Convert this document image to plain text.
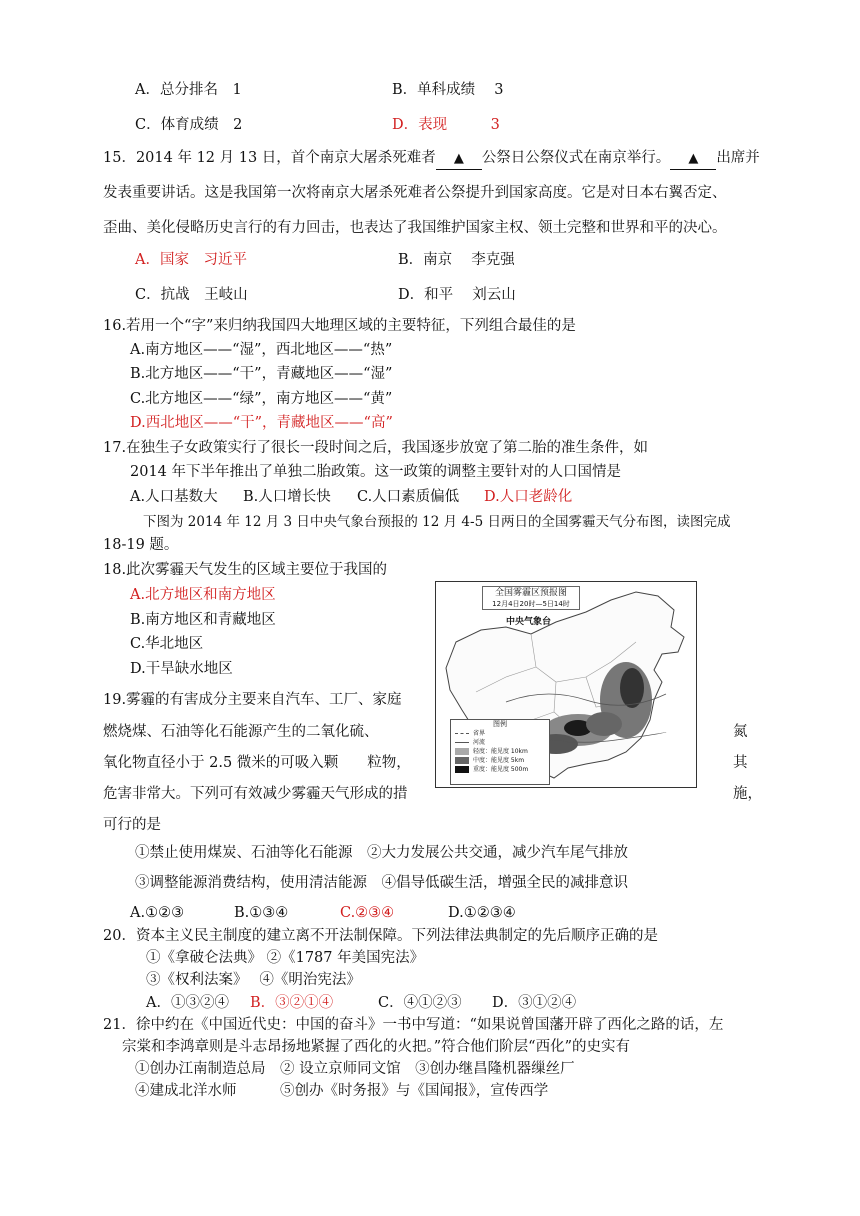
A．总分排名　1	B．单科成绩　 3
C．体育成绩　2	D．表现　　　3
15．2014 年 12 月 13 日，首个南京大屠杀死难者 ▲ 公祭日公祭仪式在南京举行。 ▲ 出席并
发表重要讲话。这是我国第一次将南京大屠杀死难者公祭提升到国家高度。它是对日本右翼否定、
歪曲、美化侵略历史言行的有力回击，也表达了我国维护国家主权、领土完整和世界和平的决心。
A．国家　习近平	B．南京　 李克强
C．抗战　王岐山	D．和平　 刘云山
16.若用一个“字”来归纳我国四大地理区域的主要特征，下列组合最佳的是
A.南方地区——“湿”，西北地区——“热”
B.北方地区——“干”，青藏地区——“湿”
C.北方地区——“绿”，南方地区——“黄”
D.西北地区——“干”，青藏地区——“高”
17.在独生子女政策实行了很长一段时间之后，我国逐步放宽了第二胎的准生条件，如
2014 年下半年推出了单独二胎政策。这一政策的调整主要针对的人口国情是
A.人口基数大 B.人口增长快 C.人口素质偏低 D.人口老龄化
下图为 2014 年 12 月 3 日中央气象台预报的 12 月 4-5 日两日的全国雾霾天气分布图，读图完成
18-19 题。
18.此次雾霾天气发生的区域主要位于我国的
A.北方地区和南方地区
B.南方地区和青藏地区
C.华北地区
D.干旱缺水地区
全国雾霾区预报图
12月4日20时—5日14时
中央气象台
图例
省界
河流
轻度：能见度 10km
中度：能见度 5km
重度：能见度 500m
19.雾霾的有害成分主要来自汽车、工厂、家庭
燃烧煤、石油等化石能源产生的二氧化硫、	氮
氧化物直径小于 2.5 微米的可吸入颗　　粒物，	其
危害非常大。下列可有效减少雾霾天气形成的措	施，
可行的是
①禁止使用煤炭、石油等化石能源　②大力发展公共交通，减少汽车尾气排放
③调整能源消费结构，使用清洁能源　④倡导低碳生活，增强全民的减排意识
A.①②③	B.①③④	C.②③④	D.①②③④
20．资本主义民主制度的建立离不开法制保障。下列法律法典制定的先后顺序正确的是
①《拿破仑法典》 ②《1787 年美国宪法》
③《权利法案》　 ④《明治宪法》
A．①③②④ B．③②①④	C．④①②③ D．③①②④
21．徐中约在《中国近代史：中国的奋斗》一书中写道：“如果说曾国藩开辟了西化之路的话，左
宗棠和李鸿章则是斗志昂扬地紧握了西化的火把。”符合他们阶层“西化”的史实有
①创办江南制造总局　② 设立京师同文馆　③创办继昌隆机器缫丝厂
④建成北洋水师　　　⑤创办《时务报》与《国闻报》，宣传西学
